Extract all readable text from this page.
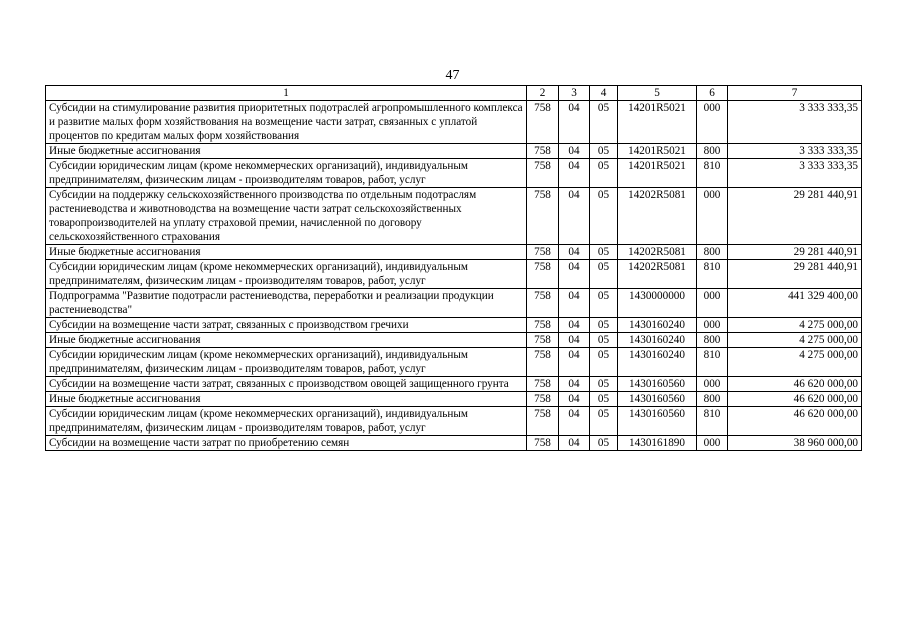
47
1	2	3	4	5	6	7
Субсидии на стимулирование развития приоритетных подотраслей агропромышленного комплекса и развитие малых форм хозяйствования на возмещение части затрат, связанных с уплатой процентов по кредитам малых форм хозяйствования	758	04	05	14201R5021	000	3 333 333,35
Иные бюджетные ассигнования	758	04	05	14201R5021	800	3 333 333,35
Субсидии юридическим лицам (кроме некоммерческих организаций), индивидуальным предпринимателям, физическим лицам - производителям товаров, работ, услуг	758	04	05	14201R5021	810	3 333 333,35
Субсидии на поддержку сельскохозяйственного производства по отдельным подотраслям растениеводства и животноводства на возмещение части затрат сельскохозяйственных товаропроизводителей на уплату страховой премии, начисленной по договору сельскохозяйственного страхования	758	04	05	14202R5081	000	29 281 440,91
Иные бюджетные ассигнования	758	04	05	14202R5081	800	29 281 440,91
Субсидии юридическим лицам (кроме некоммерческих организаций), индивидуальным предпринимателям, физическим лицам - производителям товаров, работ, услуг	758	04	05	14202R5081	810	29 281 440,91
Подпрограмма "Развитие подотрасли растениеводства, переработки и реализации продукции растениеводства"	758	04	05	1430000000	000	441 329 400,00
Субсидии на возмещение части затрат, связанных с производством гречихи	758	04	05	1430160240	000	4 275 000,00
Иные бюджетные ассигнования	758	04	05	1430160240	800	4 275 000,00
Субсидии юридическим лицам (кроме некоммерческих организаций), индивидуальным предпринимателям, физическим лицам - производителям товаров, работ, услуг	758	04	05	1430160240	810	4 275 000,00
Субсидии на возмещение части затрат, связанных с производством овощей защищенного грунта	758	04	05	1430160560	000	46 620 000,00
Иные бюджетные ассигнования	758	04	05	1430160560	800	46 620 000,00
Субсидии юридическим лицам (кроме некоммерческих организаций), индивидуальным предпринимателям, физическим лицам - производителям товаров, работ, услуг	758	04	05	1430160560	810	46 620 000,00
Субсидии на возмещение части затрат по приобретению семян	758	04	05	1430161890	000	38 960 000,00
